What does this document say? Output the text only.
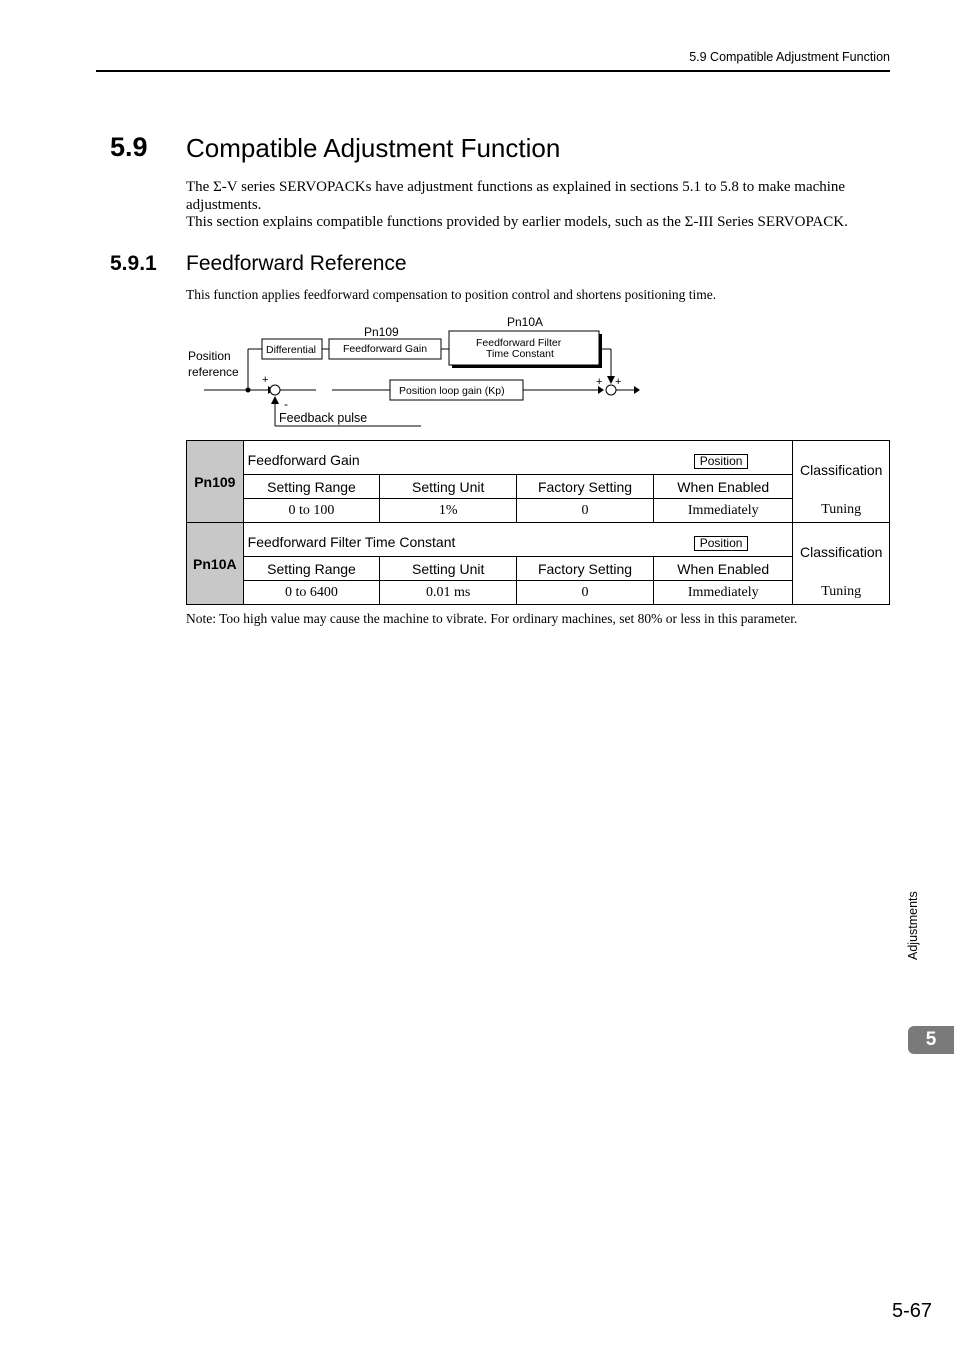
5.9 Compatible Adjustment Function
5.9 Compatible Adjustment Function
The Σ-V series SERVOPACKs have adjustment functions as explained in sections 5.1 to 5.8 to make machine adjustments.
This section explains compatible functions provided by earlier models, such as the Σ-III Series SERVOPACK.
5.9.1 Feedforward Reference
This function applies feedforward compensation to position control and shortens positioning time.
Pn109
Pn10A
Position
reference
Differential	Feedforward Gain	Feedforward Filter
Time Constant
+
-
Position loop gain (Kp)
+ +
Feedback pulse
Pn109	Feedforward Gain Position				Classification
	Setting Range	Setting Unit	Factory Setting	When Enabled	
	0 to 100	1%	0	Immediately	Tuning
Pn10A	Feedforward Filter Time Constant Position				Classification
	Setting Range	Setting Unit	Factory Setting	When Enabled	
	0 to 6400	0.01 ms	0	Immediately	Tuning
Note: Too high value may cause the machine to vibrate. For ordinary machines, set 80% or less in this parameter.
Adjustments
5
5-67
